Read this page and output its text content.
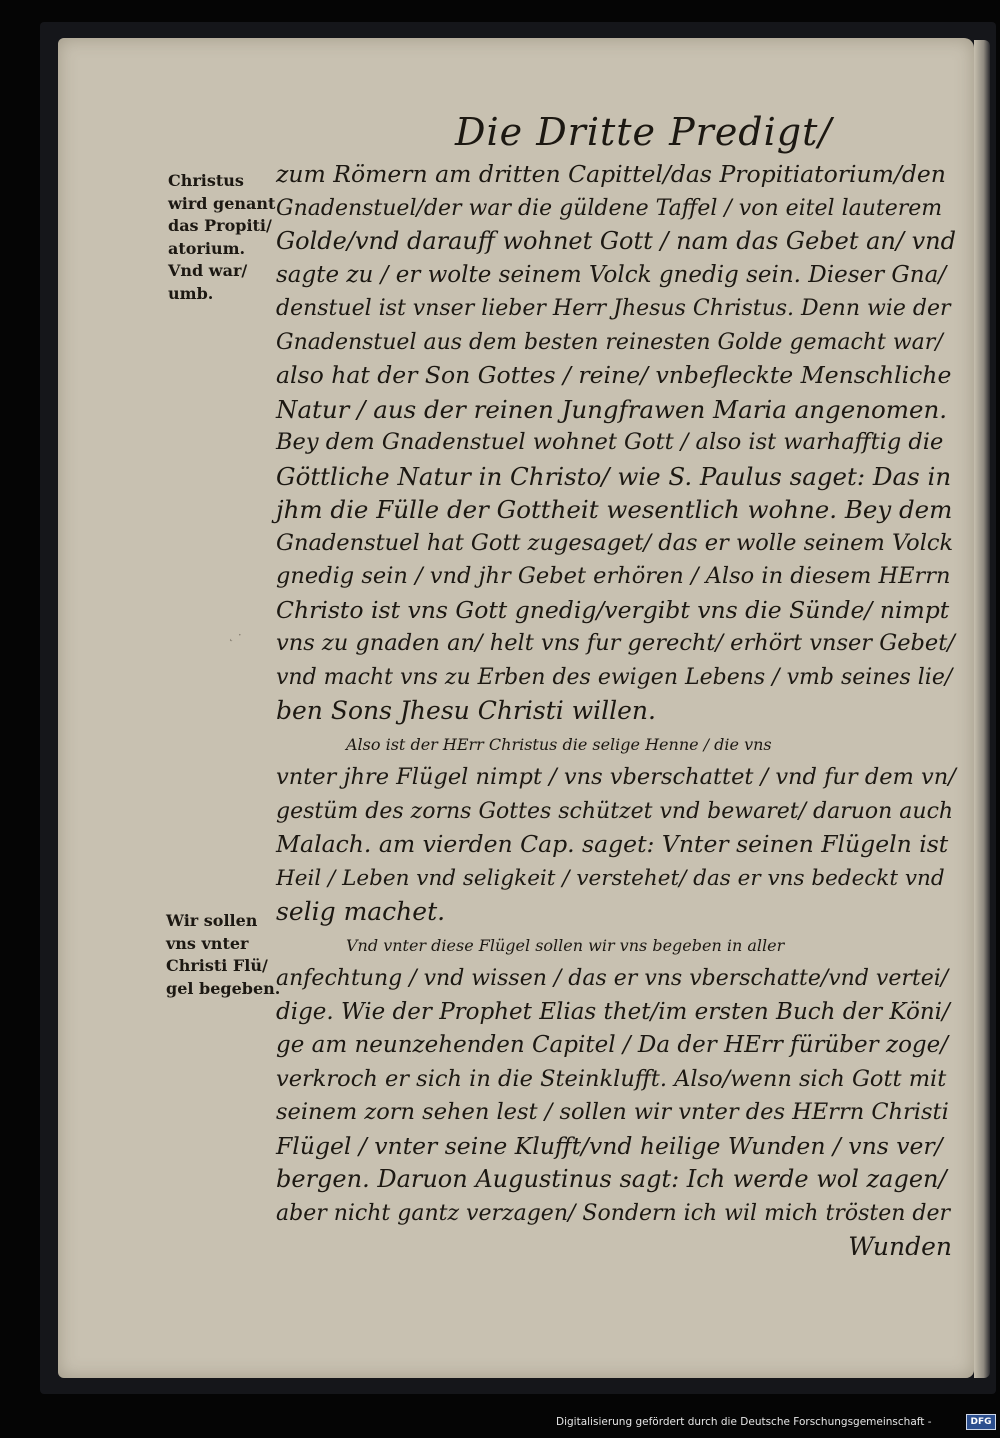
Die Dritte Predigt/
Christus
wird genant
das Propiti/
atorium.
Vnd war/
umb.
Wir sollen
vns vnter
Christi Flü/
gel begeben.
˛ ·
zum Römern am dritten Capittel/das Propitiatorium/den
Gnadenstuel/der war die güldene Taffel / von eitel lauterem
Golde/vnd darauff wohnet Gott / nam das Gebet an/ vnd
sagte zu / er wolte seinem Volck gnedig sein. Dieser Gna/
denstuel ist vnser lieber Herr Jhesus Christus. Denn wie der
Gnadenstuel aus dem besten reinesten Golde gemacht war/
also hat der Son Gottes / reine/ vnbefleckte Menschliche
Natur / aus der reinen Jungfrawen Maria angenomen.
Bey dem Gnadenstuel wohnet Gott / also ist warhafftig die
Göttliche Natur in Christo/ wie S. Paulus saget: Das in
jhm die Fülle der Gottheit wesentlich wohne. Bey dem
Gnadenstuel hat Gott zugesaget/ das er wolle seinem Volck
gnedig sein / vnd jhr Gebet erhören / Also in diesem HErrn
Christo ist vns Gott gnedig/vergibt vns die Sünde/ nimpt
vns zu gnaden an/ helt vns fur gerecht/ erhört vnser Gebet/
vnd macht vns zu Erben des ewigen Lebens / vmb seines lie/
ben Sons Jhesu Christi willen.
Also ist der HErr Christus die selige Henne / die vns
vnter jhre Flügel nimpt / vns vberschattet / vnd fur dem vn/
gestüm des zorns Gottes schützet vnd bewaret/ daruon auch
Malach. am vierden Cap. saget: Vnter seinen Flügeln ist
Heil / Leben vnd seligkeit / verstehet/ das er vns bedeckt vnd
selig machet.
Vnd vnter diese Flügel sollen wir vns begeben in aller
anfechtung / vnd wissen / das er vns vberschatte/vnd vertei/
dige. Wie der Prophet Elias thet/im ersten Buch der Köni/
ge am neunzehenden Capitel / Da der HErr fürüber zoge/
verkroch er sich in die Steinklufft. Also/wenn sich Gott mit
seinem zorn sehen lest / sollen wir vnter des HErrn Christi
Flügel / vnter seine Klufft/vnd heilige Wunden / vns ver/
bergen. Daruon Augustinus sagt: Ich werde wol zagen/
aber nicht gantz verzagen/ Sondern ich wil mich trösten der
Wunden
Digitalisierung gefördert durch die Deutsche Forschungsgemeinschaft -	DFG
